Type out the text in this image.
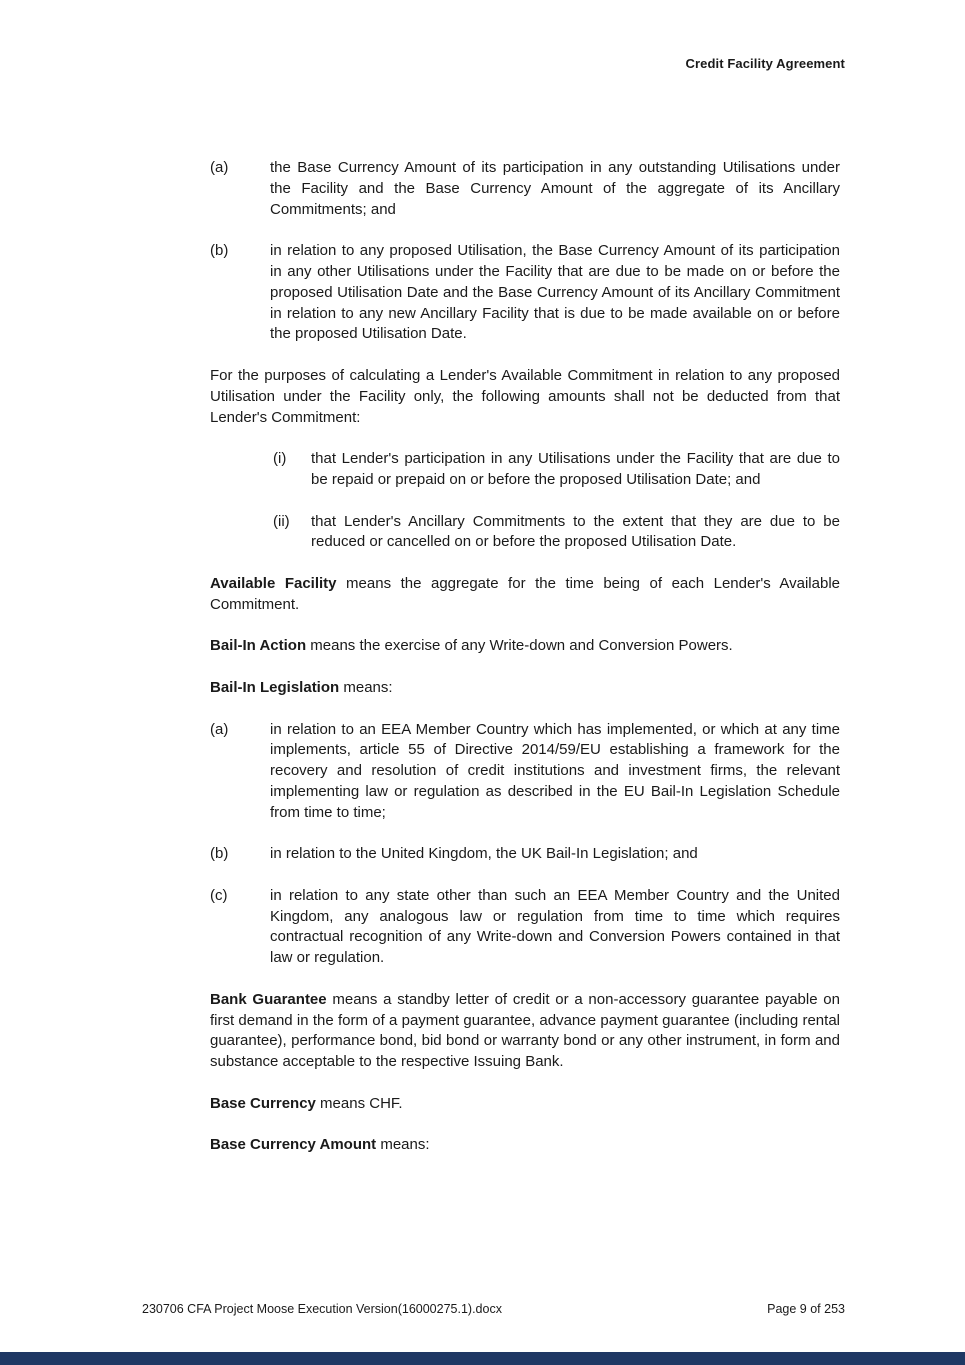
Credit Facility Agreement
(a)	the Base Currency Amount of its participation in any outstanding Utilisations under the Facility and the Base Currency Amount of the aggregate of its Ancillary Commitments; and
(b)	in relation to any proposed Utilisation, the Base Currency Amount of its participation in any other Utilisations under the Facility that are due to be made on or before the proposed Utilisation Date and the Base Currency Amount of its Ancillary Commitment in relation to any new Ancillary Facility that is due to be made available on or before the proposed Utilisation Date.

For the purposes of calculating a Lender's Available Commitment in relation to any proposed Utilisation under the Facility only, the following amounts shall not be deducted from that Lender's Commitment:

(i)	that Lender's participation in any Utilisations under the Facility that are due to be repaid or prepaid on or before the proposed Utilisation Date; and
(ii)	that Lender's Ancillary Commitments to the extent that they are due to be reduced or cancelled on or before the proposed Utilisation Date.

Available Facility means the aggregate for the time being of each Lender's Available Commitment.

Bail-In Action means the exercise of any Write-down and Conversion Powers.

Bail-In Legislation means:

(a)	in relation to an EEA Member Country which has implemented, or which at any time implements, article 55 of Directive 2014/59/EU establishing a framework for the recovery and resolution of credit institutions and investment firms, the relevant implementing law or regulation as described in the EU Bail-In Legislation Schedule from time to time;
(b)	in relation to the United Kingdom, the UK Bail-In Legislation; and
(c)	in relation to any state other than such an EEA Member Country and the United Kingdom, any analogous law or regulation from time to time which requires contractual recognition of any Write-down and Conversion Powers contained in that law or regulation.

Bank Guarantee means a standby letter of credit or a non-accessory guarantee payable on first demand in the form of a payment guarantee, advance payment guarantee (including rental guarantee), performance bond, bid bond or warranty bond or any other instrument, in form and substance acceptable to the respective Issuing Bank.

Base Currency means CHF.

Base Currency Amount means:

230706 CFA Project Moose Execution Version(16000275.1).docx	Page 9 of 253
